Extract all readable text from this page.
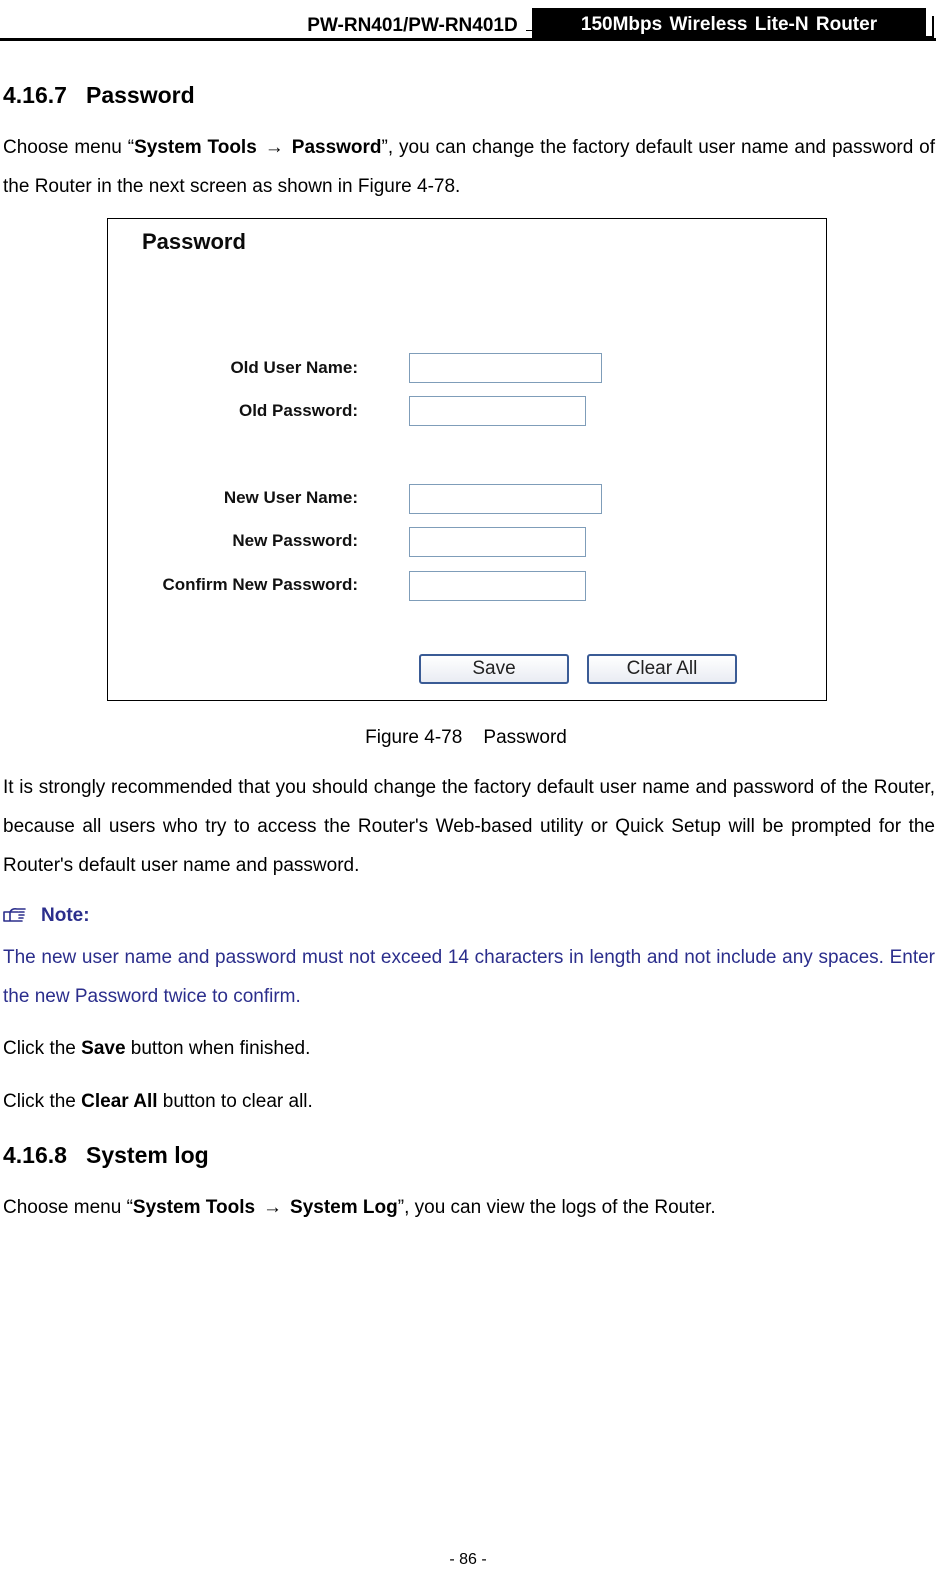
PW-RN401/PW-RN401D	150Mbps Wireless Lite-N Router
4.16.7 Password
Choose menu “System Tools → Password”, you can change the factory default user name and password of the Router in the next screen as shown in Figure 4-78.
Password
Old User Name:
Old Password:
New User Name:
New Password:
Confirm New Password:
Save	Clear All
Figure 4-78    Password
It is strongly recommended that you should change the factory default user name and password of the Router, because all users who try to access the Router's Web-based utility or Quick Setup will be prompted for the Router's default user name and password.
Note:
The new user name and password must not exceed 14 characters in length and not include any spaces. Enter the new Password twice to confirm.
Click the Save button when finished.
Click the Clear All button to clear all.
4.16.8 System log
Choose menu “System Tools → System Log”, you can view the logs of the Router.
- 86 -
